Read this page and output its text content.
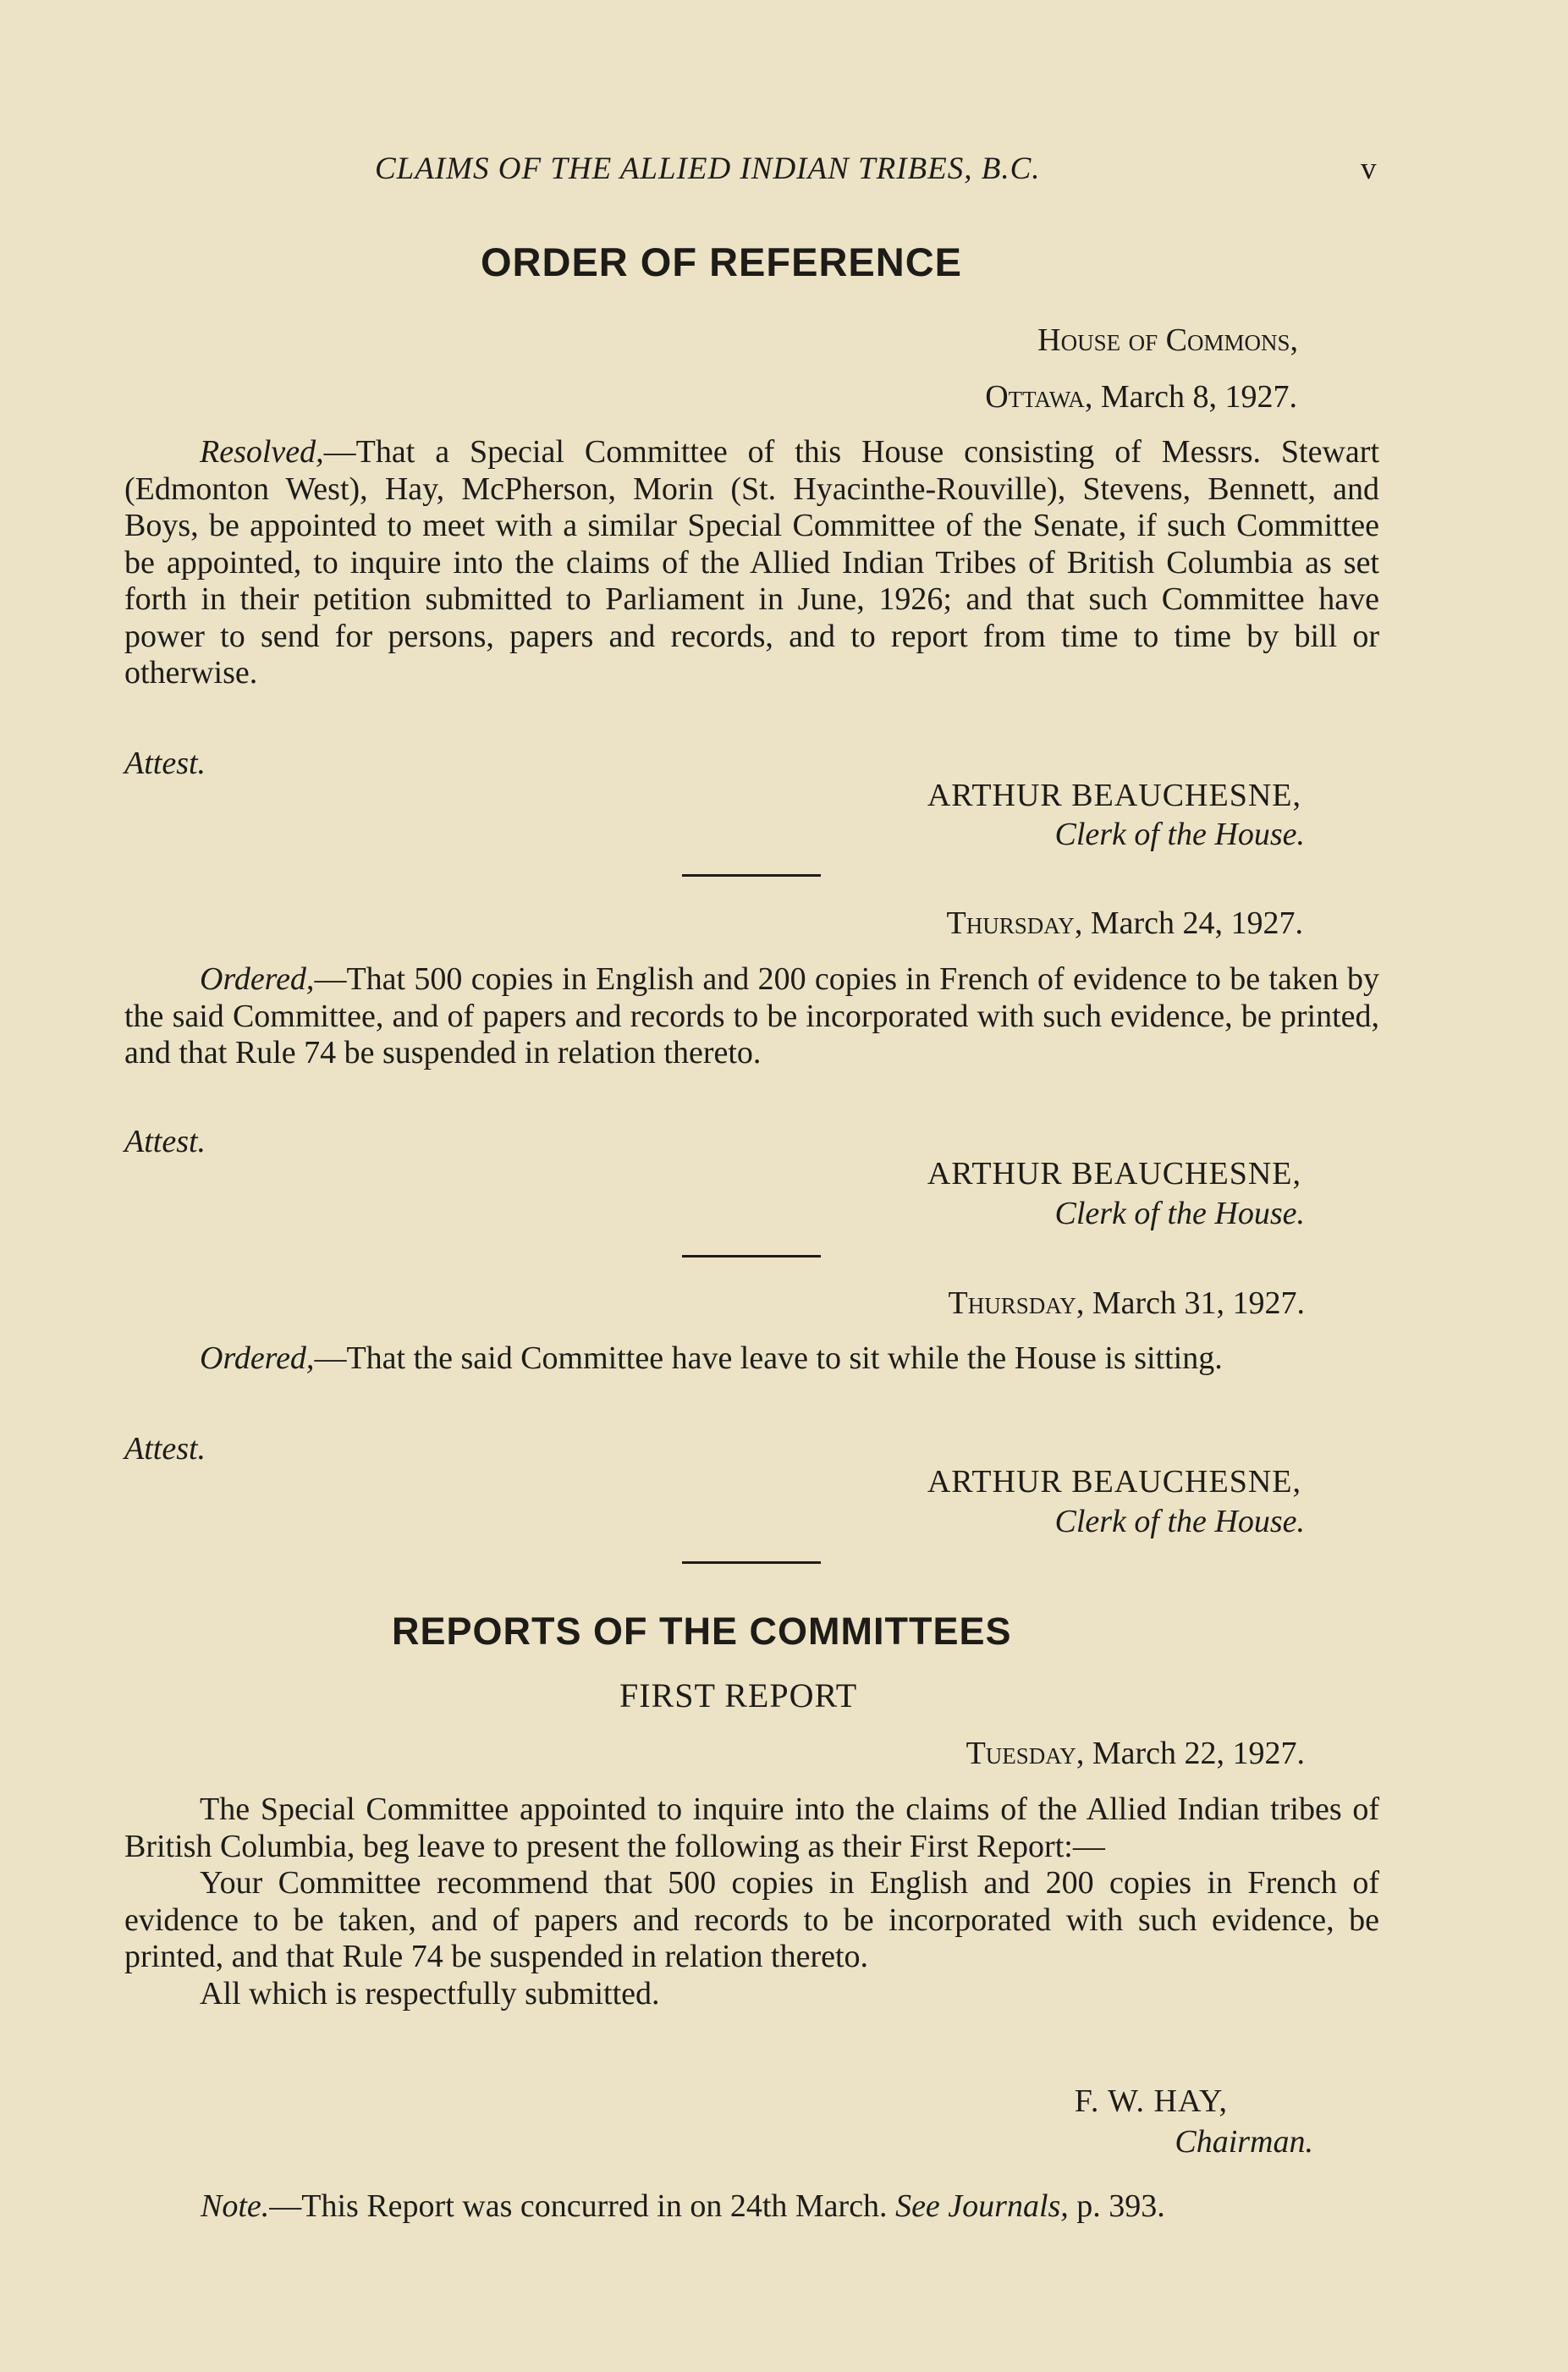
CLAIMS OF THE ALLIED INDIAN TRIBES, B.C.	v
ORDER OF REFERENCE
House of Commons,
Ottawa, March 8, 1927.

Resolved,—That a Special Committee of this House consisting of Messrs. Stewart (Edmonton West), Hay, McPherson, Morin (St. Hyacinthe-Rouville), Stevens, Bennett, and Boys, be appointed to meet with a similar Special Committee of the Senate, if such Committee be appointed, to inquire into the claims of the Allied Indian Tribes of British Columbia as set forth in their petition submitted to Parliament in June, 1926; and that such Committee have power to send for persons, papers and records, and to report from time to time by bill or otherwise.

Attest.
ARTHUR BEAUCHESNE,
Clerk of the House.
Thursday, March 24, 1927.

Ordered,—That 500 copies in English and 200 copies in French of evidence to be taken by the said Committee, and of papers and records to be incorporated with such evidence, be printed, and that Rule 74 be suspended in relation thereto.

Attest.
ARTHUR BEAUCHESNE,
Clerk of the House.
Thursday, March 31, 1927.

Ordered,—That the said Committee have leave to sit while the House is sitting.

Attest.
ARTHUR BEAUCHESNE,
Clerk of the House.
REPORTS OF THE COMMITTEES
FIRST REPORT
Tuesday, March 22, 1927.

The Special Committee appointed to inquire into the claims of the Allied Indian tribes of British Columbia, beg leave to present the following as their First Report:—

Your Committee recommend that 500 copies in English and 200 copies in French of evidence to be taken, and of papers and records to be incorporated with such evidence, be printed, and that Rule 74 be suspended in relation thereto.

All which is respectfully submitted.

F. W. HAY,
Chairman.
Note.—This Report was concurred in on 24th March. See Journals, p. 393.
